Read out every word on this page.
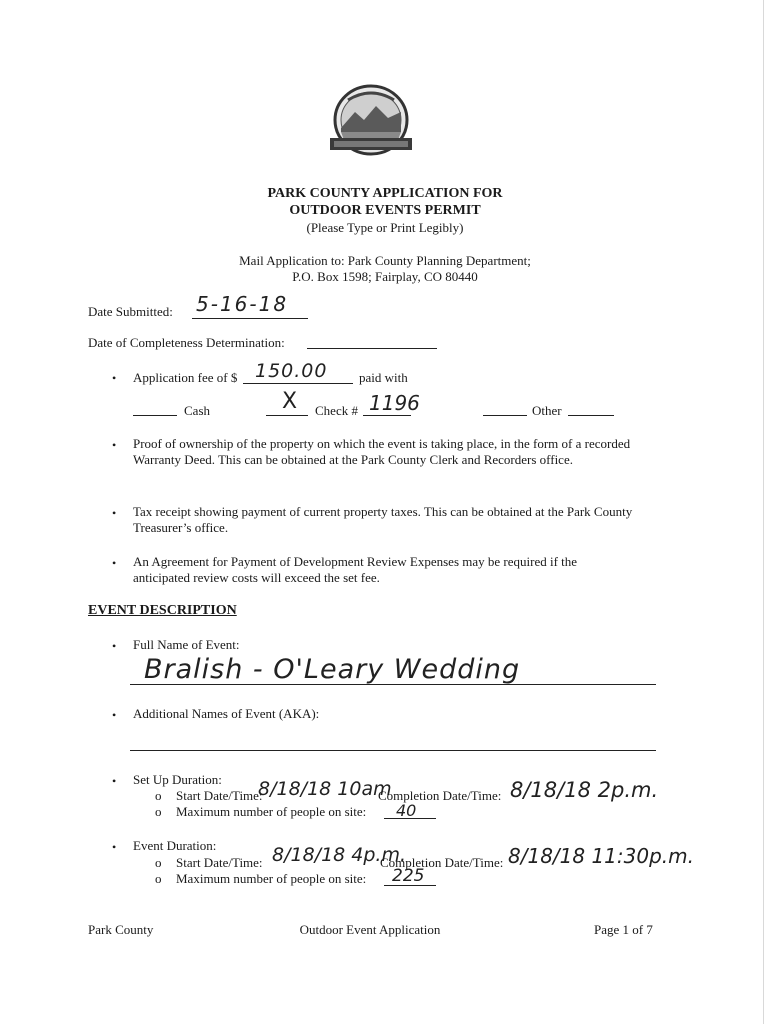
PARK COUNTY APPLICATION FOR
OUTDOOR EVENTS PERMIT
(Please Type or Print Legibly)
Mail Application to: Park County Planning Department;
P.O. Box 1598; Fairplay, CO 80440
Date Submitted: 5-16-18
Date of Completeness Determination:
• Application fee of $ 150.00 paid with
Cash	X Check # 1196	Other
• Proof of ownership of the property on which the event is taking place, in the form of a recorded Warranty Deed. This can be obtained at the Park County Clerk and Recorders office.
• Tax receipt showing payment of current property taxes. This can be obtained at the Park County Treasurer’s office.
• An Agreement for Payment of Development Review Expenses may be required if the anticipated review costs will exceed the set fee.
EVENT DESCRIPTION
• Full Name of Event:
Bralish - O'Leary Wedding
• Additional Names of Event (AKA):
• Set Up Duration:
o Start Date/Time:
8/18/18 10am
Completion Date/Time: 8/18/18 2p.m.
o Maximum number of people on site: 40
• Event Duration:
o Start Date/Time: 8/18/18 4p.m.
Completion Date/Time: 8/18/18 11:30p.m.
o Maximum number of people on site: 225
Park County	Outdoor Event Application	Page 1 of 7
